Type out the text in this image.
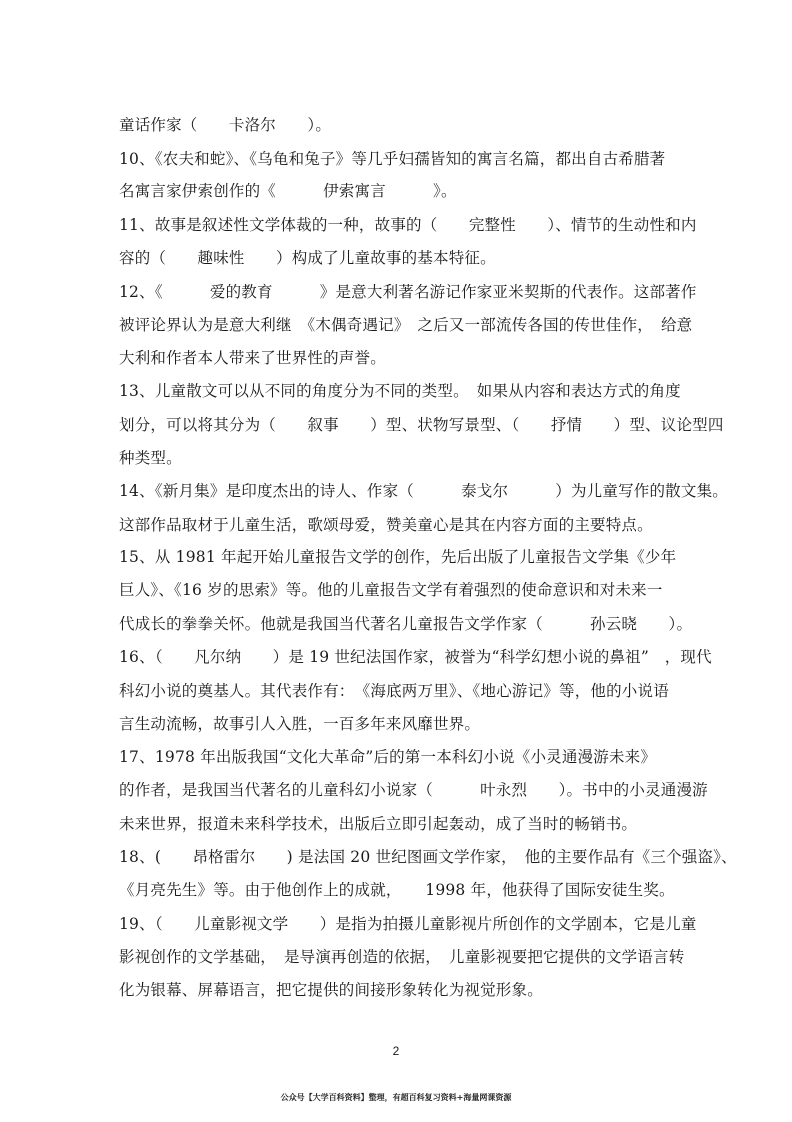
童话作家（　　卡洛尔　　）。
10、《农夫和蛇》、《乌龟和兔子》等几乎妇孺皆知的寓言名篇，都出自古希腊著
名寓言家伊索创作的《　　　伊索寓言　　　》。
11、故事是叙述性文学体裁的一种，故事的（　　完整性　　）、情节的生动性和内
容的（　　趣味性　　）构成了儿童故事的基本特征。
12、《　　　爱的教育　　　》是意大利著名游记作家亚米契斯的代表作。这部著作
被评论界认为是意大利继　《木偶奇遇记》　之后又一部流传各国的传世佳作，　给意
大利和作者本人带来了世界性的声誉。
13、儿童散文可以从不同的角度分为不同的类型。　如果从内容和表达方式的角度
划分，可以将其分为（　　叙事　　）型、状物写景型、（　　抒情　　）型、议论型四
种类型。
14、《新月集》是印度杰出的诗人、作家（　　　泰戈尔　　　）为儿童写作的散文集。
这部作品取材于儿童生活，歌颂母爱，赞美童心是其在内容方面的主要特点。
15、从 1981 年起开始儿童报告文学的创作，先后出版了儿童报告文学集《少年
巨人》、《16 岁的思索》等。他的儿童报告文学有着强烈的使命意识和对未来一
代成长的拳拳关怀。他就是我国当代著名儿童报告文学作家（　　　孙云晓　　）。
16、（　　凡尔纳　　）是 19 世纪法国作家，被誉为“科学幻想小说的鼻祖”　，现代
科幻小说的奠基人。其代表作有：　《海底两万里》、《地心游记》等，他的小说语
言生动流畅，故事引人入胜，一百多年来风靡世界。
17、1978 年出版我国“文化大革命”后的第一本科幻小说《小灵通漫游未来》
的作者，是我国当代著名的儿童科幻小说家（　　　叶永烈　　）。书中的小灵通漫游
未来世界，报道未来科学技术，出版后立即引起轰动，成了当时的畅销书。
18、(　　昂格雷尔　　) 是法国 20 世纪图画文学作家，　他的主要作品有《三个强盗》、
《月亮先生》等。由于他创作上的成就，　　1998 年，他获得了国际安徒生奖。
19、（　　儿童影视文学　　）是指为拍摄儿童影视片所创作的文学剧本，它是儿童
影视创作的文学基础，　是导演再创造的依据，　儿童影视要把它提供的文学语言转
化为银幕、屏幕语言，把它提供的间接形象转化为视觉形象。
2
公众号【大学百科资料】整理，有超百科复习资料+海量网课资源
